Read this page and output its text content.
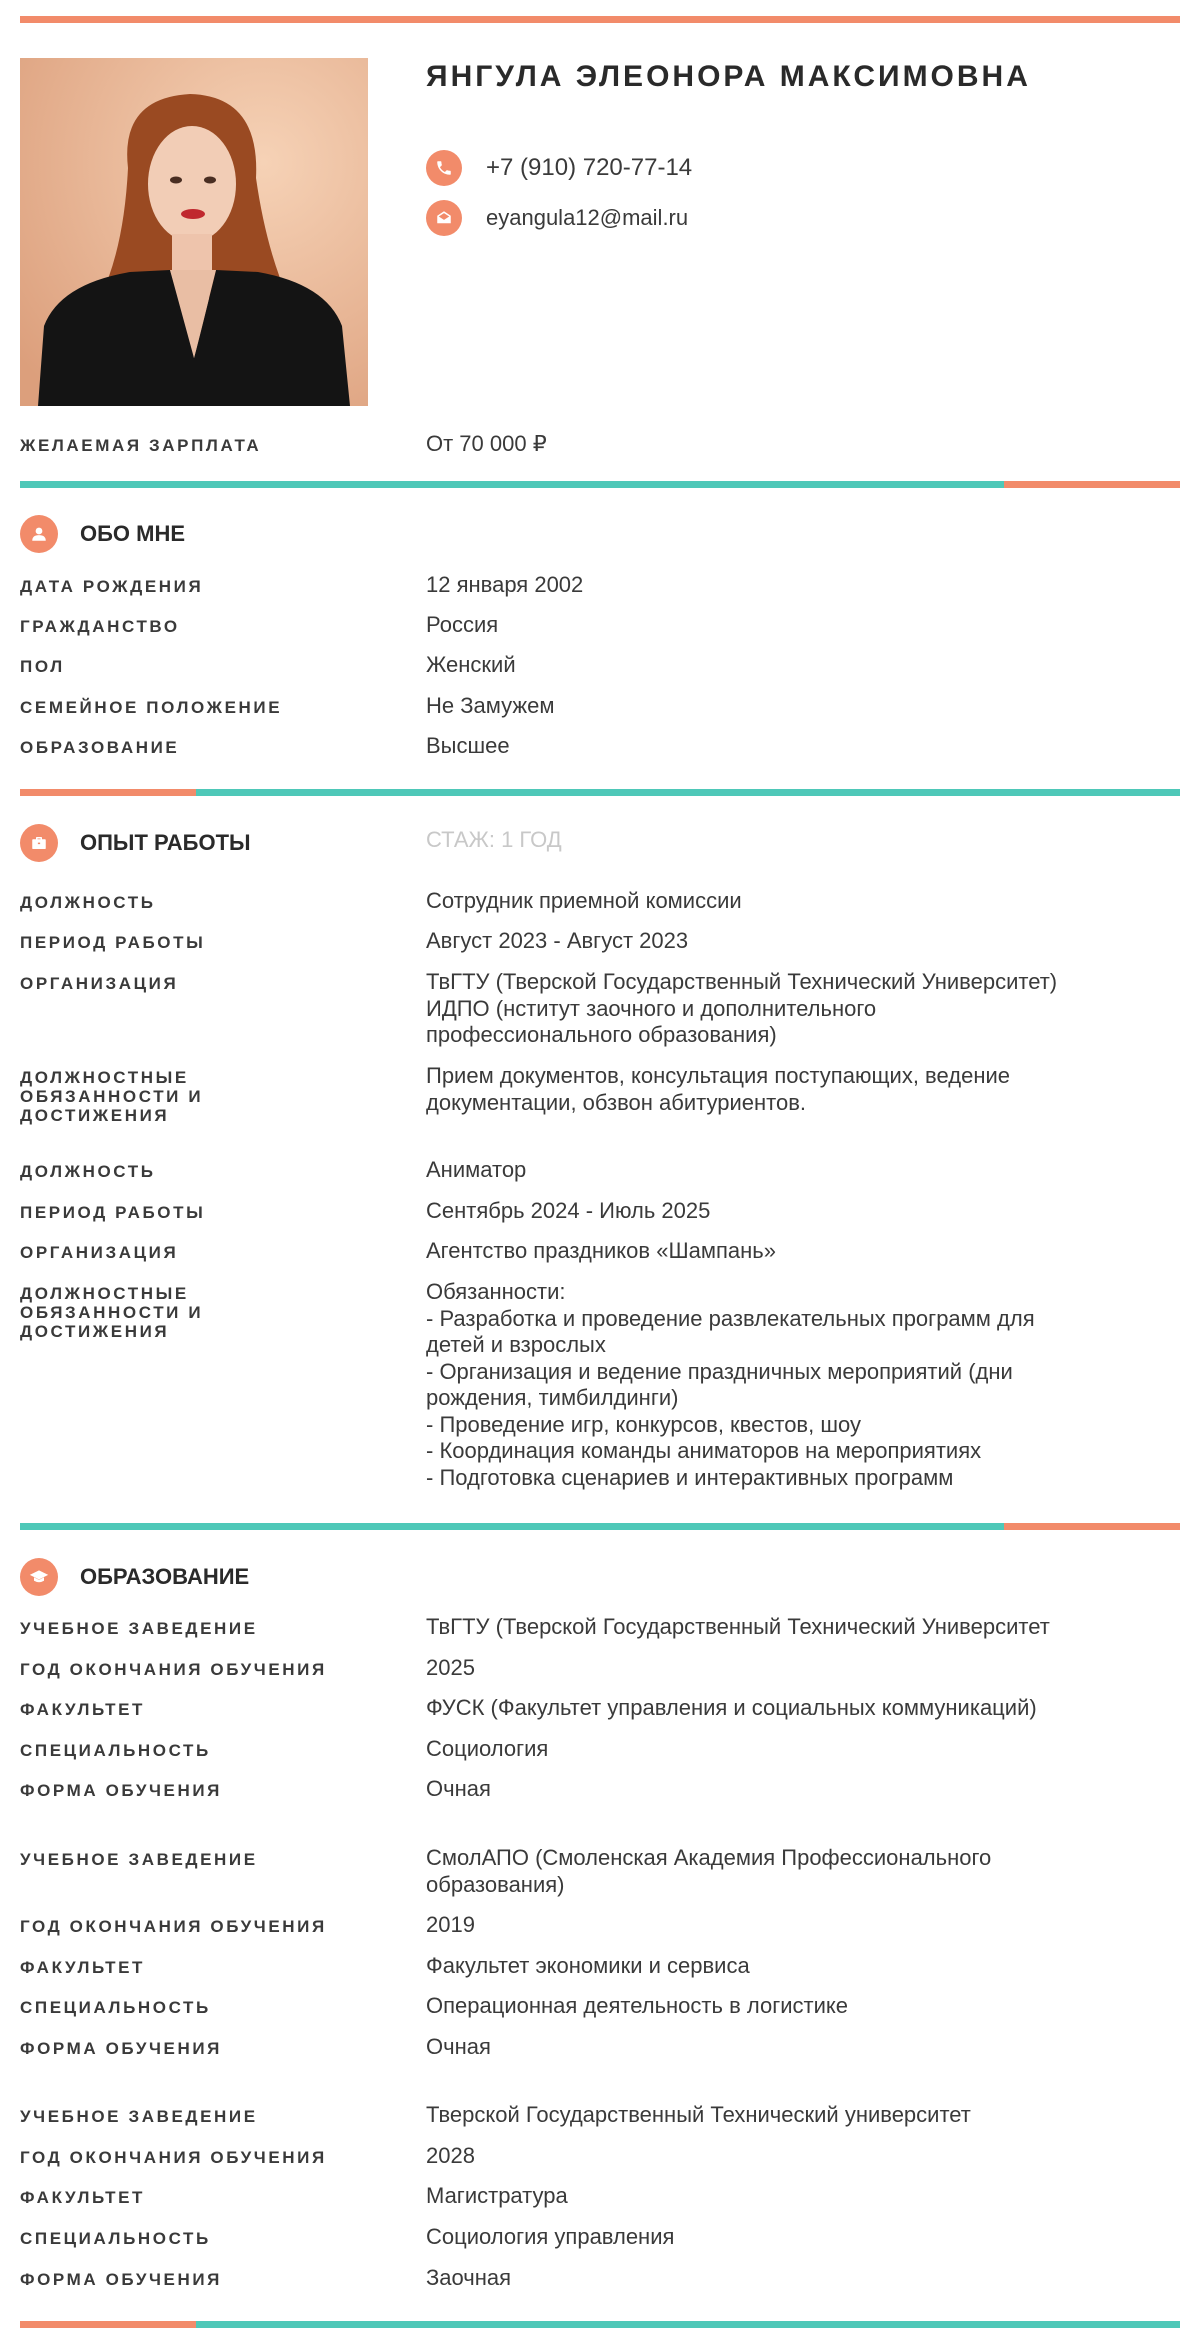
ЯНГУЛА ЭЛЕОНОРА МАКСИМОВНА
+7 (910) 720-77-14
eyangula12@mail.ru
ЖЕЛАЕМАЯ ЗАРПЛАТА	От 70 000 ₽
ОБО МНЕ
ДАТА РОЖДЕНИЯ	12 января 2002
ГРАЖДАНСТВО	Россия
ПОЛ	Женский
СЕМЕЙНОЕ ПОЛОЖЕНИЕ	Не Замужем
ОБРАЗОВАНИЕ	Высшее
ОПЫТ РАБОТЫ	СТАЖ: 1 ГОД
ДОЛЖНОСТЬ	Сотрудник приемной комиссии
ПЕРИОД РАБОТЫ	Август 2023 - Август 2023
ОРГАНИЗАЦИЯ	ТвГТУ (Тверской Государственный Технический Университет)
ИДПО (нститут заочного и дополнительного
профессионального образования)
ДОЛЖНОСТНЫЕ
ОБЯЗАННОСТИ И
ДОСТИЖЕНИЯ
Прием документов, консультация поступающих, ведение
документации, обзвон абитуриентов.
ДОЛЖНОСТЬ	Аниматор
ПЕРИОД РАБОТЫ	Сентябрь 2024 - Июль 2025
ОРГАНИЗАЦИЯ	Агентство праздников «Шампань»
ДОЛЖНОСТНЫЕ
ОБЯЗАННОСТИ И
ДОСТИЖЕНИЯ
Обязанности:
- Разработка и проведение развлекательных программ для
детей и взрослых
- Организация и ведение праздничных мероприятий (дни
рождения, тимбилдинги)
- Проведение игр, конкурсов, квестов, шоу
- Координация команды аниматоров на мероприятиях
- Подготовка сценариев и интерактивных программ
ОБРАЗОВАНИЕ
УЧЕБНОЕ ЗАВЕДЕНИЕ	ТвГТУ (Тверской Государственный Технический Университет
ГОД ОКОНЧАНИЯ ОБУЧЕНИЯ	2025
ФАКУЛЬТЕТ	ФУСК (Факультет управления и социальных коммуникаций)
СПЕЦИАЛЬНОСТЬ	Социология
ФОРМА ОБУЧЕНИЯ	Очная
УЧЕБНОЕ ЗАВЕДЕНИЕ	СмолАПО (Смоленская Академия Профессионального
образования)
ГОД ОКОНЧАНИЯ ОБУЧЕНИЯ	2019
ФАКУЛЬТЕТ	Факультет экономики и сервиса
СПЕЦИАЛЬНОСТЬ	Операционная деятельность в логистике
ФОРМА ОБУЧЕНИЯ	Очная
УЧЕБНОЕ ЗАВЕДЕНИЕ	Тверской Государственный Технический университет
ГОД ОКОНЧАНИЯ ОБУЧЕНИЯ	2028
ФАКУЛЬТЕТ	Магистратура
СПЕЦИАЛЬНОСТЬ	Социология управления
ФОРМА ОБУЧЕНИЯ	Заочная
